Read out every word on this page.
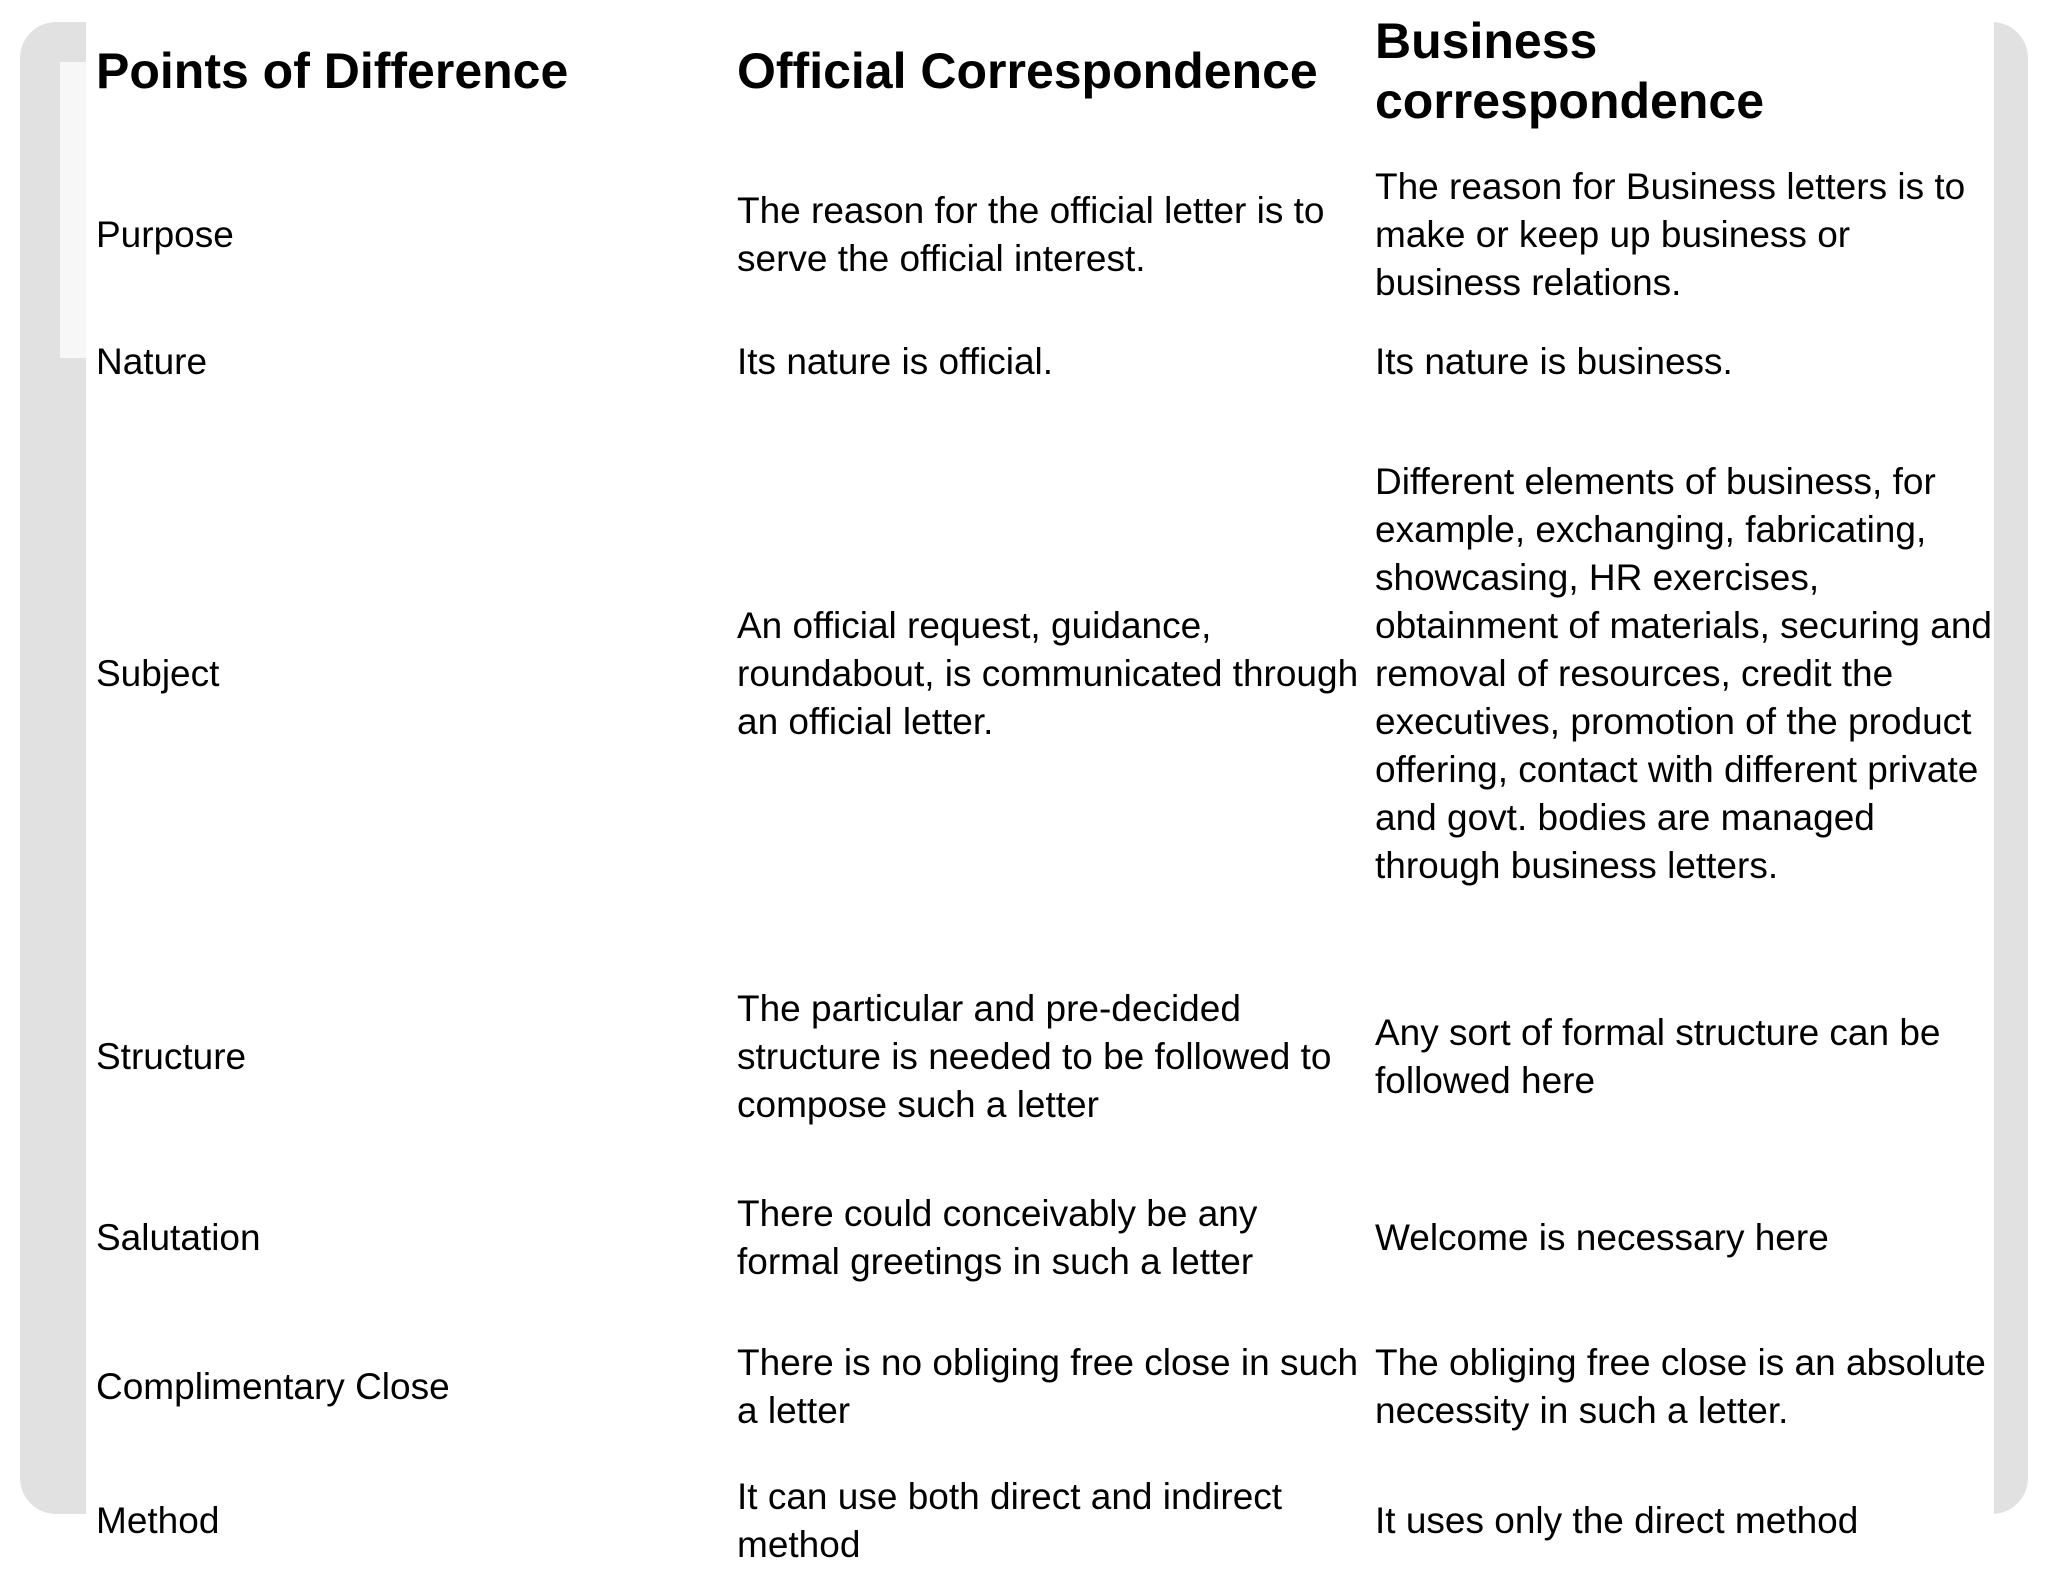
Points of Difference	Official Correspondence	Business correspondence
Purpose	The reason for the official letter is to serve the official interest.	The reason for Business letters is to make or keep up business or business relations.
Nature	Its nature is official.	Its nature is business.
Subject	An official request, guidance, roundabout, is communicated through an official letter.	Different elements of business, for example, exchanging, fabricating, showcasing, HR exercises, obtainment of materials, securing and removal of resources, credit the executives, promotion of the product offering, contact with different private and govt. bodies are managed through business letters.
Structure	The particular and pre-decided structure is needed to be followed to compose such a letter	Any sort of formal structure can be followed here
Salutation	There could conceivably be any formal greetings in such a letter	Welcome is necessary here
Complimentary Close	There is no obliging free close in such a letter	The obliging free close is an absolute necessity in such a letter.
Method	It can use both direct and indirect method	It uses only the direct method
